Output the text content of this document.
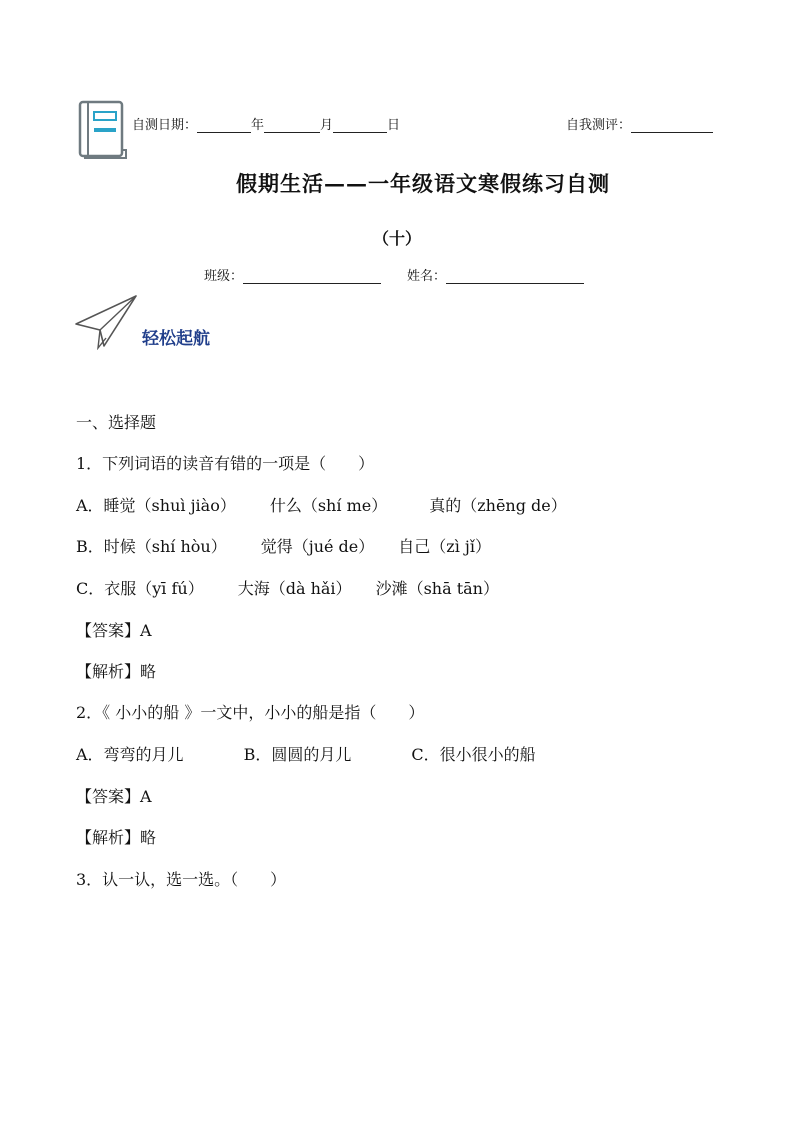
自测日期：	年	月	日	自我测评：
假期生活——一年级语文寒假练习自测
（十）
班级：	姓名：
轻松起航
一、选择题
1．下列词语的读音有错的一项是（　　）
A．睡觉（shuì jiào） 什么（shí me）	真的（zhēng de）
B．时候（shí hòu） 觉得（jué de） 自己（zì jǐ）
C．衣服（yī fú） 大海（dà hǎi） 沙滩（shā tān）
【答案】A
【解析】略
2．《 小小的船 》一文中，小小的船是指（　　）
A．弯弯的月儿	B．圆圆的月儿	C．很小很小的船
【答案】A
【解析】略
3．认一认，选一选。（　　）
